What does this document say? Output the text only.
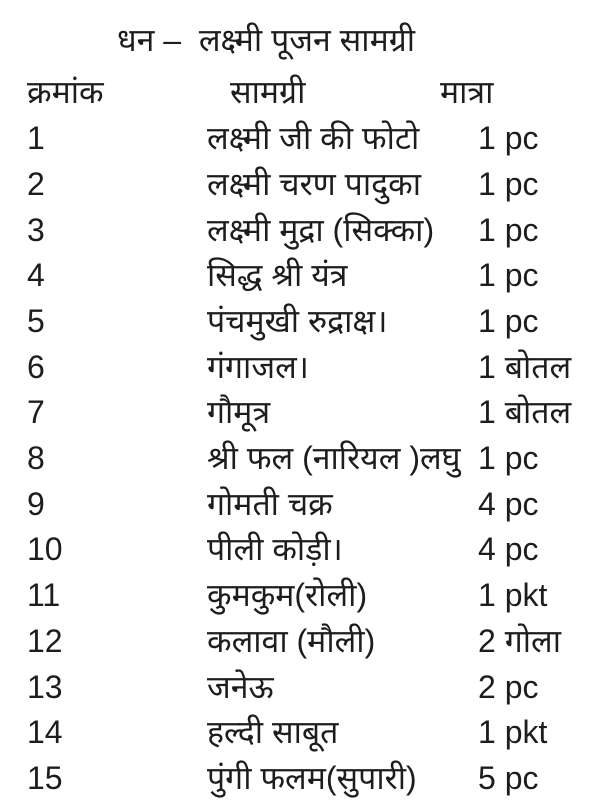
धन –  लक्ष्मी पूजन सामग्री
क्रमांक	सामग्री	मात्रा
1	लक्ष्मी जी की फोटो	1 pc
2	लक्ष्मी चरण पादुका	1 pc
3	लक्ष्मी मुद्रा (सिक्का)	1 pc
4	सिद्ध श्री यंत्र	1 pc
5	पंचमुखी रुद्राक्ष।	1 pc
6	गंगाजल।	1 बोतल
7	गौमूत्र	1 बोतल
8	श्री फल (नारियल )लघु 1 pc
9	गोमती चक्र	4 pc
10	पीली कोड़ी।	4 pc
11	कुमकुम(रोली)	1 pkt
12	कलावा (मौली)	2 गोला
13	जनेऊ	2 pc
14	हल्दी साबूत	1 pkt
15	पुंगी फलम(सुपारी)	5 pc
